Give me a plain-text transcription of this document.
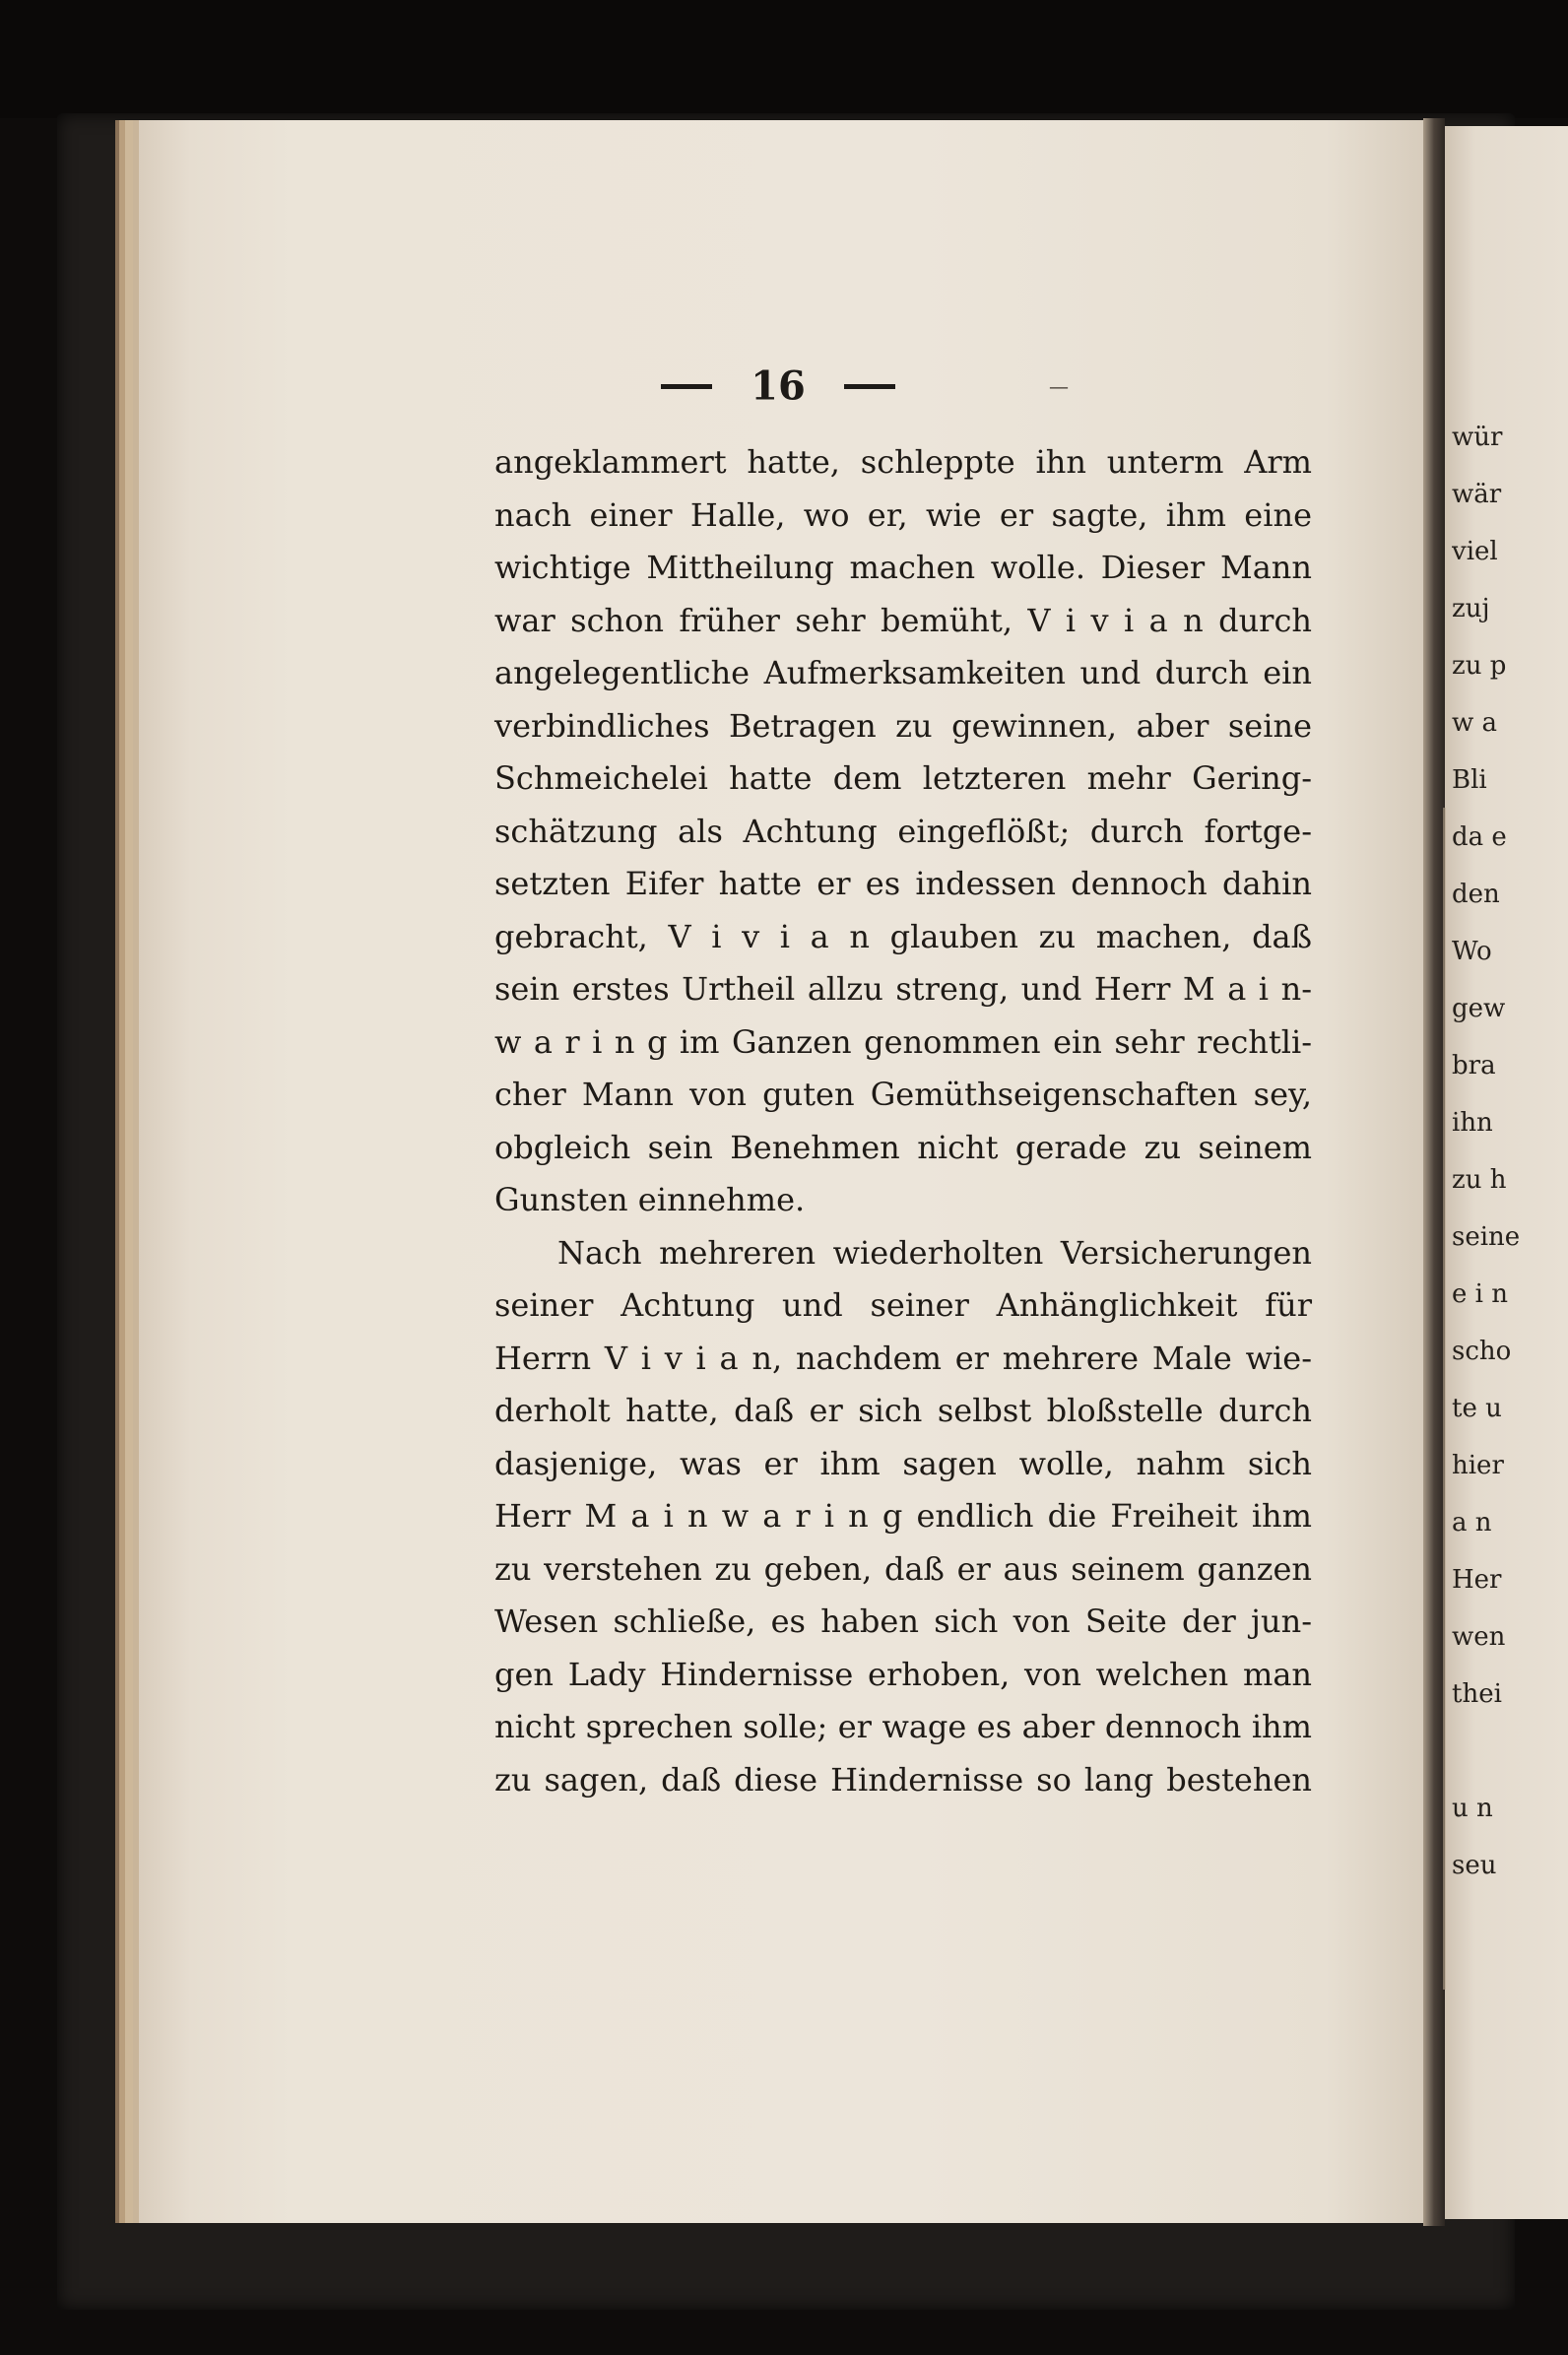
16	—
angeklammert hatte, schleppte ihn unterm Arm
nach einer Halle, wo er, wie er sagte, ihm eine
wichtige Mittheilung machen wolle. Dieser Mann
war schon früher sehr bemüht, V i v i a n durch
angelegentliche Aufmerksamkeiten und durch ein
verbindliches Betragen zu gewinnen, aber seine
Schmeichelei hatte dem letzteren mehr Gering-
schätzung als Achtung eingeflößt; durch fortge-
setzten Eifer hatte er es indessen dennoch dahin
gebracht, V i v i a n glauben zu machen, daß
sein erstes Urtheil allzu streng, und Herr M a i n-
w a r i n g im Ganzen genommen ein sehr rechtli-
cher Mann von guten Gemüthseigenschaften sey,
obgleich sein Benehmen nicht gerade zu seinem
Gunsten einnehme.
Nach mehreren wiederholten Versicherungen
seiner Achtung und seiner Anhänglichkeit für
Herrn V i v i a n, nachdem er mehrere Male wie-
derholt hatte, daß er sich selbst bloßstelle durch
dasjenige, was er ihm sagen wolle, nahm sich
Herr M a i n w a r i n g endlich die Freiheit ihm
zu verstehen zu geben, daß er aus seinem ganzen
Wesen schließe, es haben sich von Seite der jun-
gen Lady Hindernisse erhoben, von welchen man
nicht sprechen solle; er wage es aber dennoch ihm
zu sagen, daß diese Hindernisse so lang bestehen
wür
wär
viel
zuj
zu p
w a
Bli
da e
den
Wo
gew
bra
ihn
zu h
seine
e i n
scho
te u
hier
a n
Her
wen
thei
u n
seu
